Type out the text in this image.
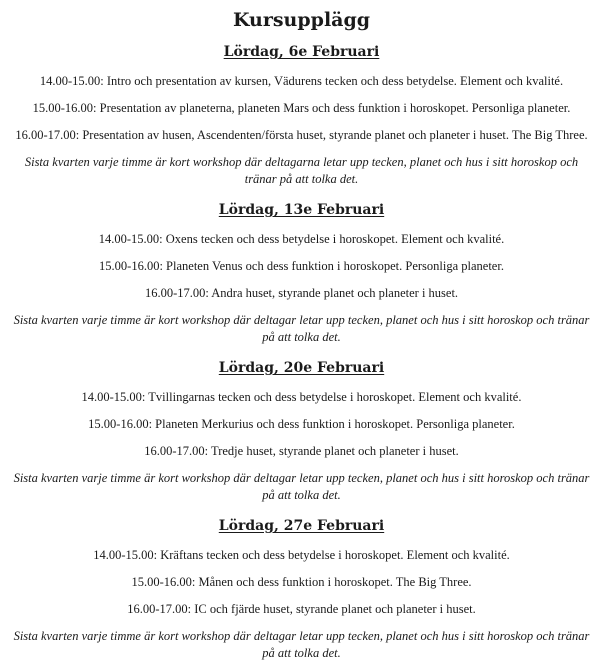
Kursupplägg
Lördag, 6e Februari

14.00-15.00: Intro och presentation av kursen, Vädurens tecken och dess betydelse. Element och kvalité.

15.00-16.00: Presentation av planeterna, planeten Mars och dess funktion i horoskopet. Personliga planeter.

16.00-17.00: Presentation av husen, Ascendenten/första huset, styrande planet och planeter i huset. The Big Three.

Sista kvarten varje timme är kort workshop där deltagarna letar upp tecken, planet och hus i sitt horoskop och tränar på att tolka det.

Lördag, 13e Februari

14.00-15.00: Oxens tecken och dess betydelse i horoskopet. Element och kvalité.

15.00-16.00: Planeten Venus och dess funktion i horoskopet. Personliga planeter.

16.00-17.00: Andra huset, styrande planet och planeter i huset.

Sista kvarten varje timme är kort workshop där deltagar letar upp tecken, planet och hus i sitt horoskop och tränar på att tolka det.

Lördag, 20e Februari

14.00-15.00: Tvillingarnas tecken och dess betydelse i horoskopet. Element och kvalité.

15.00-16.00: Planeten Merkurius och dess funktion i horoskopet. Personliga planeter.

16.00-17.00: Tredje huset, styrande planet och planeter i huset.

Sista kvarten varje timme är kort workshop där deltagar letar upp tecken, planet och hus i sitt horoskop och tränar på att tolka det.

Lördag, 27e Februari

14.00-15.00: Kräftans tecken och dess betydelse i horoskopet. Element och kvalité.

15.00-16.00: Månen och dess funktion i horoskopet. The Big Three.

16.00-17.00: IC och fjärde huset, styrande planet och planeter i huset.

Sista kvarten varje timme är kort workshop där deltagar letar upp tecken, planet och hus i sitt horoskop och tränar på att tolka det.
